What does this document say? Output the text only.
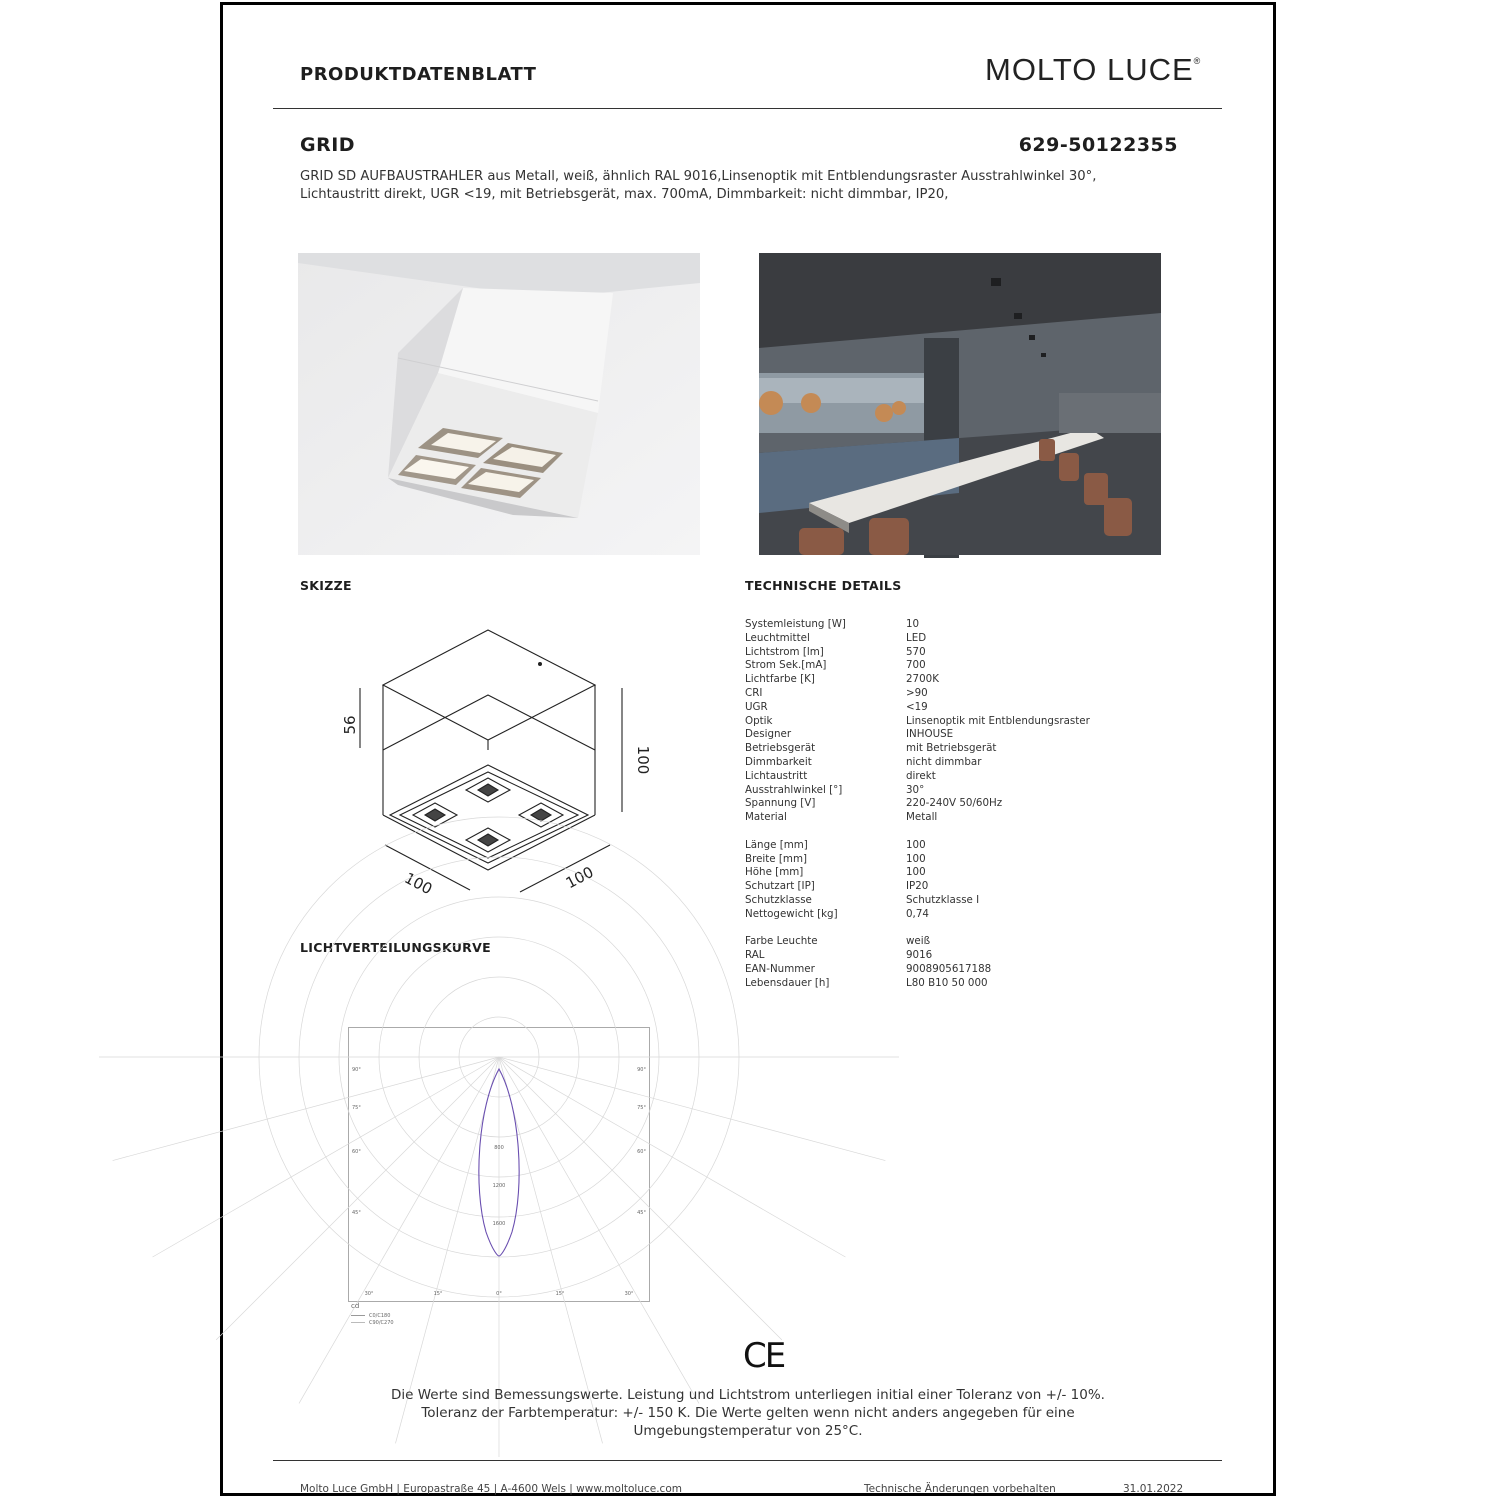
PRODUKTDATENBLATT	MOLTO LUCE®
GRID	629-50122355
GRID SD AUFBAUSTRAHLER aus Metall, weiß, ähnlich RAL 9016,Linsenoptik mit Entblendungsraster Ausstrahlwinkel 30°, Lichtaustritt direkt, UGR <19, mit Betriebsgerät, max. 700mA, Dimmbarkeit: nicht dimmbar, IP20,
SKIZZE	TECHNISCHE DETAILS
LICHTVERTEILUNGSKURVE
56
100
100	100
Systemleistung [W]	10
Leuchtmittel	LED
Lichtstrom [lm]	570
Strom Sek.[mA]	700
Lichtfarbe [K]	2700K
CRI	>90
UGR	<19
Optik	Linsenoptik mit Entblendungsraster
Designer	INHOUSE
Betriebsgerät	mit Betriebsgerät
Dimmbarkeit	nicht dimmbar
Lichtaustritt	direkt
Ausstrahlwinkel [°]	30°
Spannung [V]	220-240V 50/60Hz
Material	Metall
Länge [mm]	100
Breite [mm]	100
Höhe [mm]	100
Schutzart [IP]	IP20
Schutzklasse	Schutzklasse I
Nettogewicht [kg]	0,74
Farbe Leuchte	weiß
RAL	9016
EAN-Nummer	9008905617188
Lebensdauer [h]	L80 B10 50 000
90°	90°
75°	75°
60°	60°
45°	45°
30°	15°	0°	15°	30°
800
1200
1600
cd
C0/C180
C90/C270
CE
Die Werte sind Bemessungswerte. Leistung und Lichtstrom unterliegen initial einer Toleranz von +/- 10%.
Toleranz der Farbtemperatur: +/- 150 K. Die Werte gelten wenn nicht anders angegeben für eine
Umgebungstemperatur von 25°C.
Molto Luce GmbH | Europastraße 45 | A-4600 Wels | www.moltoluce.com	Technische Änderungen vorbehalten	31.01.2022
